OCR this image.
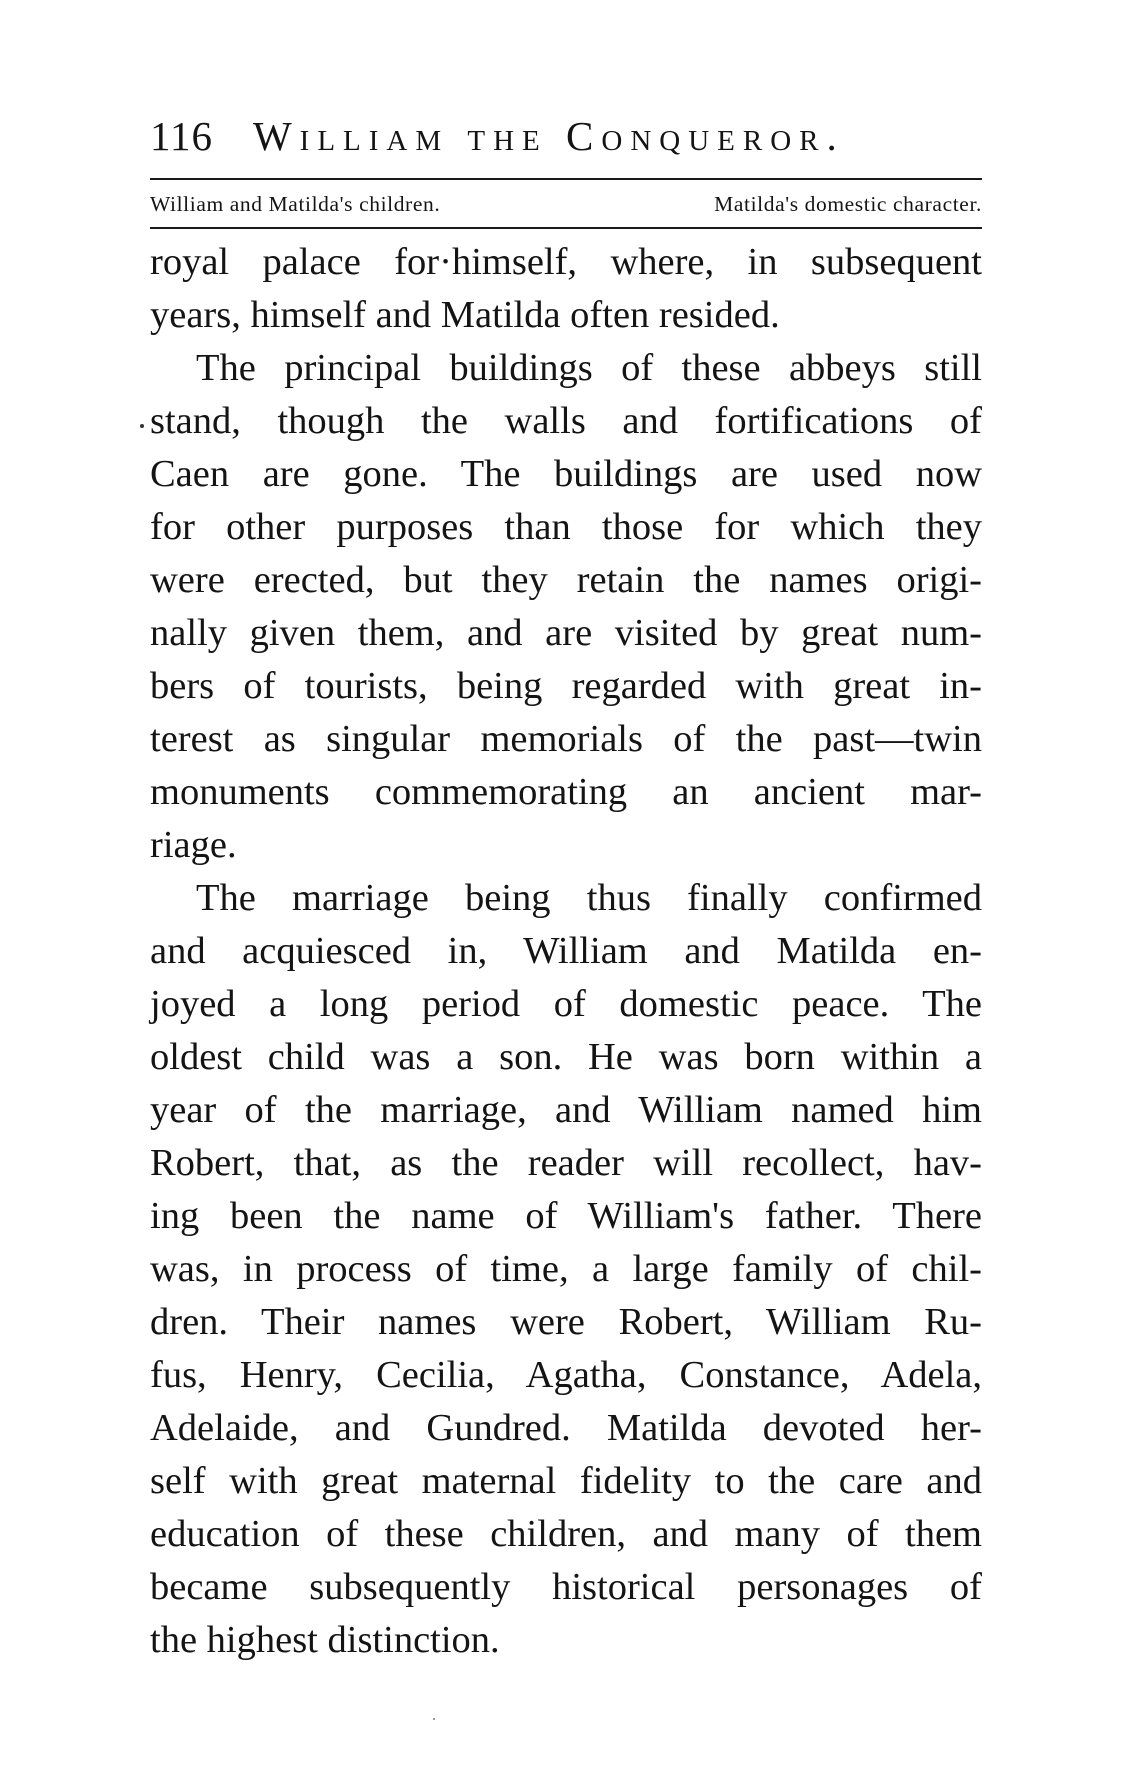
116 William the Conqueror.
William and Matilda's children.	Matilda's domestic character.
royal palace for·himself, where, in subsequent
years, himself and Matilda often resided.
The principal buildings of these abbeys still
stand, though the walls and fortifications of
Caen are gone. The buildings are used now
for other purposes than those for which they
were erected, but they retain the names origi-
nally given them, and are visited by great num-
bers of tourists, being regarded with great in-
terest as singular memorials of the past—twin
monuments commemorating an ancient mar-
riage.
The marriage being thus finally confirmed
and acquiesced in, William and Matilda en-
joyed a long period of domestic peace. The
oldest child was a son. He was born within a
year of the marriage, and William named him
Robert, that, as the reader will recollect, hav-
ing been the name of William's father. There
was, in process of time, a large family of chil-
dren. Their names were Robert, William Ru-
fus, Henry, Cecilia, Agatha, Constance, Adela,
Adelaide, and Gundred. Matilda devoted her-
self with great maternal fidelity to the care and
education of these children, and many of them
became subsequently historical personages of
the highest distinction.
